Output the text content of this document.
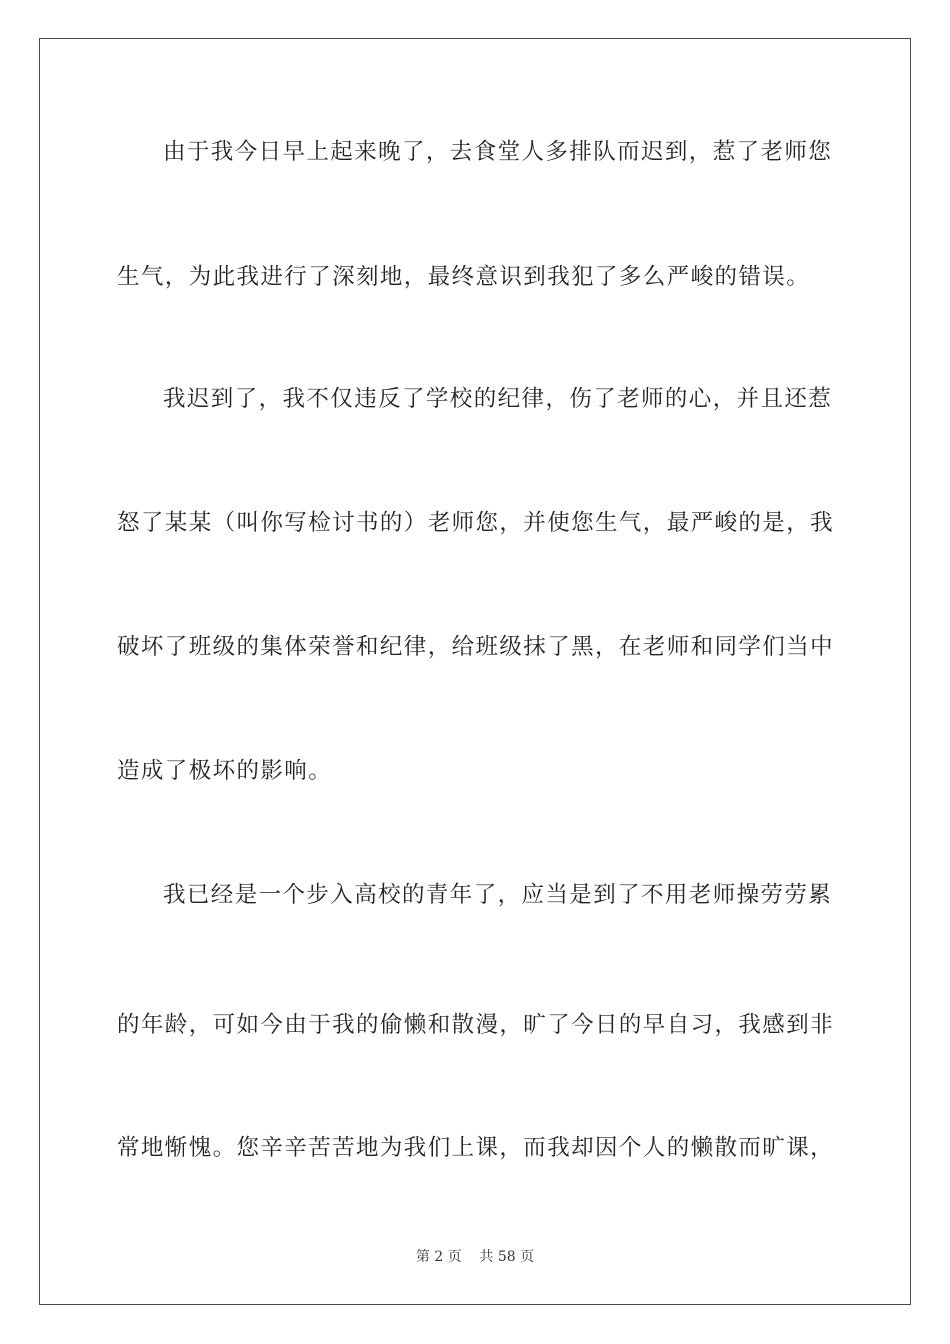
由于我今日早上起来晚了，去食堂人多排队而迟到，惹了老师您
生气，为此我进行了深刻地，最终意识到我犯了多么严峻的错误。
我迟到了，我不仅违反了学校的纪律，伤了老师的心，并且还惹
怒了某某（叫你写检讨书的）老师您，并使您生气，最严峻的是，我
破坏了班级的集体荣誉和纪律，给班级抹了黑，在老师和同学们当中
造成了极坏的影响。
我已经是一个步入高校的青年了，应当是到了不用老师操劳劳累
的年龄，可如今由于我的偷懒和散漫，旷了今日的早自习，我感到非
常地惭愧。您辛辛苦苦地为我们上课，而我却因个人的懒散而旷课，
第 2 页    共 58 页
